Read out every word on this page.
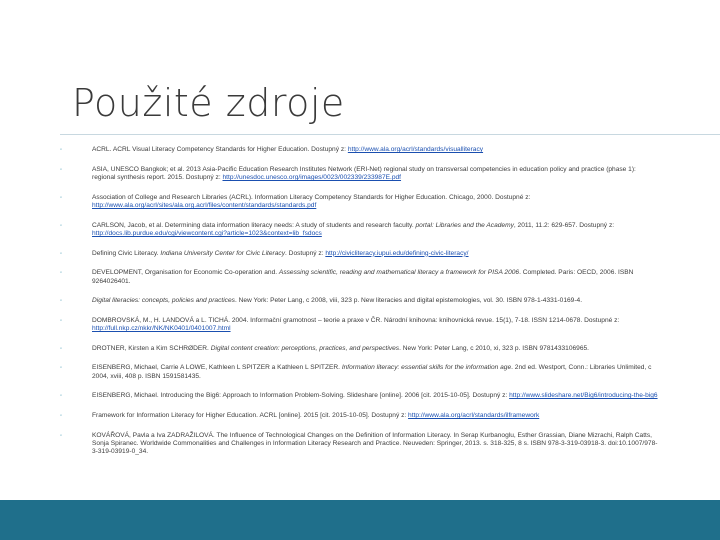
Použité zdroje
◦	ACRL. ACRL Visual Literacy Competency Standards for Higher Education. Dostupný z: http://www.ala.org/acrl/standards/visualliteracy
◦	ASIA, UNESCO Bangkok; et al. 2013 Asia-Pacific Education Research Institutes Network (ERI-Net) regional study on transversal competencies in education policy and practice (phase 1): regional synthesis report. 2015. Dostupný z: http://unesdoc.unesco.org/images/0023/002339/233987E.pdf
◦	Association of College and Research Libraries (ACRL). Information Literacy Competency Standards for Higher Education. Chicago, 2000. Dostupné z: http://www.ala.org/acrl/sites/ala.org.acrl/files/content/standards/standards.pdf
◦	CARLSON, Jacob, et al. Determining data information literacy needs: A study of students and research faculty. portal: Libraries and the Academy, 2011, 11.2: 629-657. Dostupný z: http://docs.lib.purdue.edu/cgi/viewcontent.cgi?article=1023&context=lib_fsdocs
◦	Defining Civic Literacy. Indiana University Center for Civic Literacy. Dostupný z: http://civicliteracy.iupui.edu/defining-civic-literacy/
◦	DEVELOPMENT, Organisation for Economic Co-operation and. Assessing scientific, reading and mathematical literacy a framework for PISA 2006. Completed. Paris: OECD, 2006. ISBN 9264026401.
◦	Digital literacies: concepts, policies and practices. New York: Peter Lang, c 2008, viii, 323 p. New literacies and digital epistemologies, vol. 30. ISBN 978-1-4331-0169-4.
◦	DOMBROVSKÁ, M., H. LANDOVÁ a L. TICHÁ. 2004. Informační gramotnost – teorie a praxe v ČR. Národní knihovna: knihovnická revue. 15(1), 7-18. ISSN 1214-0678. Dostupné z: http://full.nkp.cz/nkkr/NK/NK0401/0401007.html
◦	DROTNER, Kirsten a Kim SCHRØDER. Digital content creation: perceptions, practices, and perspectives. New York: Peter Lang, c 2010, xi, 323 p. ISBN 9781433106965.
◦	EISENBERG, Michael, Carrie A LOWE, Kathleen L SPITZER a Kathleen L SPITZER. Information literacy: essential skills for the information age. 2nd ed. Westport, Conn.: Libraries Unlimited, c 2004, xviii, 408 p. ISBN 1591581435.
◦	EISENBERG, Michael. Introducing the Big6: Approach to Information Problem-Solving. Slideshare [online]. 2006 [cit. 2015-10-05]. Dostupný z: http://www.slideshare.net/Big6/introducing-the-big6
◦	Framework for Information Literacy for Higher Education. ACRL [online]. 2015 [cit. 2015-10-05]. Dostupný z: http://www.ala.org/acrl/standards/ilframework
◦	KOVÁŘOVÁ, Pavla a Iva ZADRAŽILOVÁ. The Influence of Technological Changes on the Definition of Information Literacy. In Serap Kurbanoglu, Esther Grassian, Diane Mizrachi, Ralph Catts, Sonja Spiranec. Worldwide Commonalities and Challenges in Information Literacy Research and Practice. Neuveden: Springer, 2013. s. 318-325, 8 s. ISBN 978-3-319-03918-3. doi:10.1007/978-3-319-03919-0_34.
